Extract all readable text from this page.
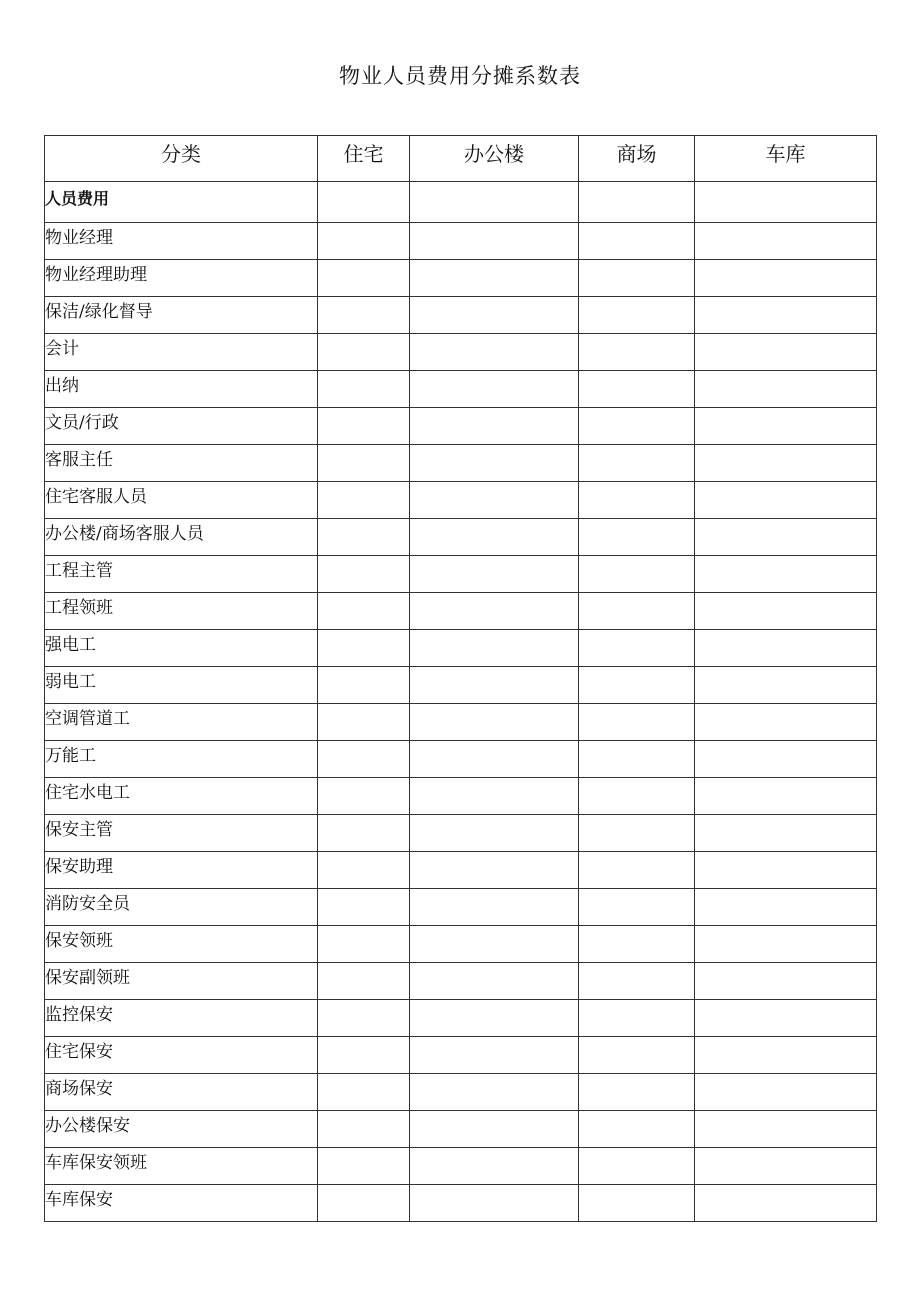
物业人员费用分摊系数表
分类	住宅	办公楼	商场	车库
人员费用				
物业经理				
物业经理助理				
保洁/绿化督导				
会计				
出纳				
文员/行政				
客服主任				
住宅客服人员				
办公楼/商场客服人员				
工程主管				
工程领班				
强电工				
弱电工				
空调管道工				
万能工				
住宅水电工				
保安主管				
保安助理				
消防安全员				
保安领班				
保安副领班				
监控保安				
住宅保安				
商场保安				
办公楼保安				
车库保安领班				
车库保安				
